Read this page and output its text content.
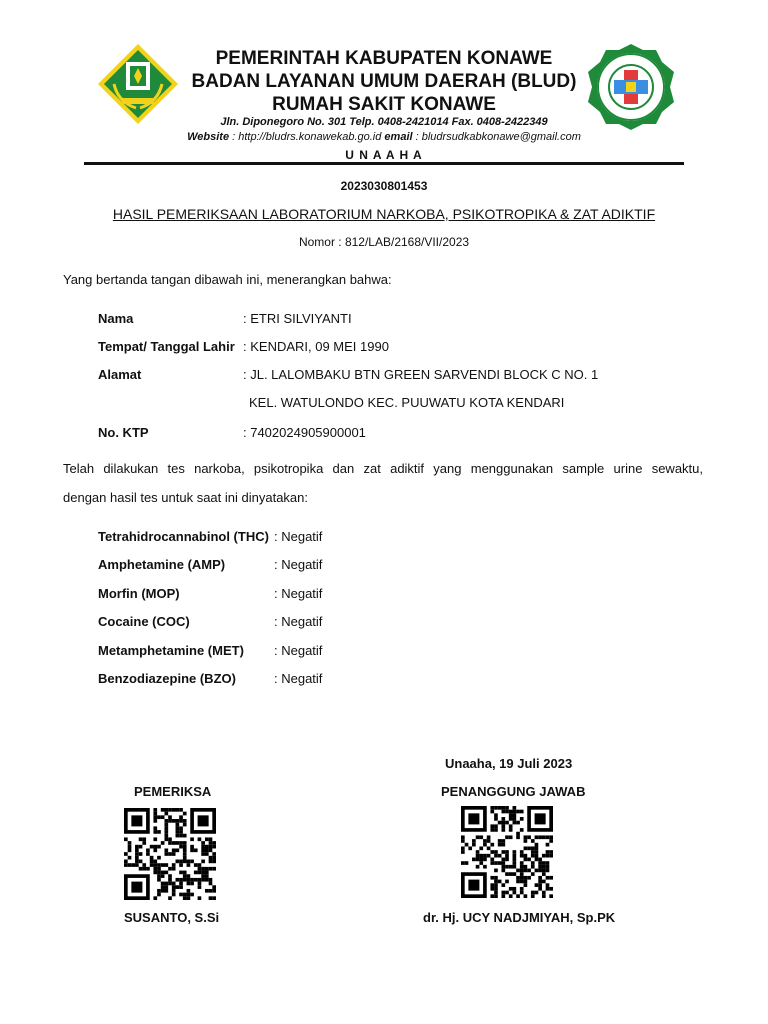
PEMERINTAH KABUPATEN KONAWE
BADAN LAYANAN UMUM DAERAH (BLUD)
RUMAH SAKIT KONAWE
Jln. Diponegoro No. 301 Telp. 0408-2421014 Fax. 0408-2422349
Website : http://bludrs.konawekab.go.id email : bludrsudkabkonawe@gmail.com
U N A A H A
2023030801453
HASIL PEMERIKSAAN LABORATORIUM NARKOBA, PSIKOTROPIKA & ZAT ADIKTIF
Nomor : 812/LAB/2168/VII/2023
Yang bertanda tangan dibawah ini, menerangkan bahwa:
Nama	: ETRI SILVIYANTI
Tempat/ Tanggal Lahir : KENDARI, 09 MEI 1990
Alamat	: JL. LALOMBAKU BTN GREEN SARVENDI BLOCK C NO. 1
KEL. WATULONDO KEC. PUUWATU KOTA KENDARI
No. KTP	: 7402024905900001
Telah dilakukan tes narkoba, psikotropika dan zat adiktif yang menggunakan sample urine sewaktu,
dengan hasil tes untuk saat ini dinyatakan:
Tetrahidrocannabinol (THC) : Negatif
Amphetamine (AMP)	: Negatif
Morfin (MOP)	: Negatif
Cocaine (COC)	: Negatif
Metamphetamine (MET) : Negatif
Benzodiazepine (BZO)	: Negatif
Unaaha, 19 Juli 2023
PEMERIKSA	PENANGGUNG JAWAB
SUSANTO, S.Si	dr. Hj. UCY NADJMIYAH, Sp.PK
